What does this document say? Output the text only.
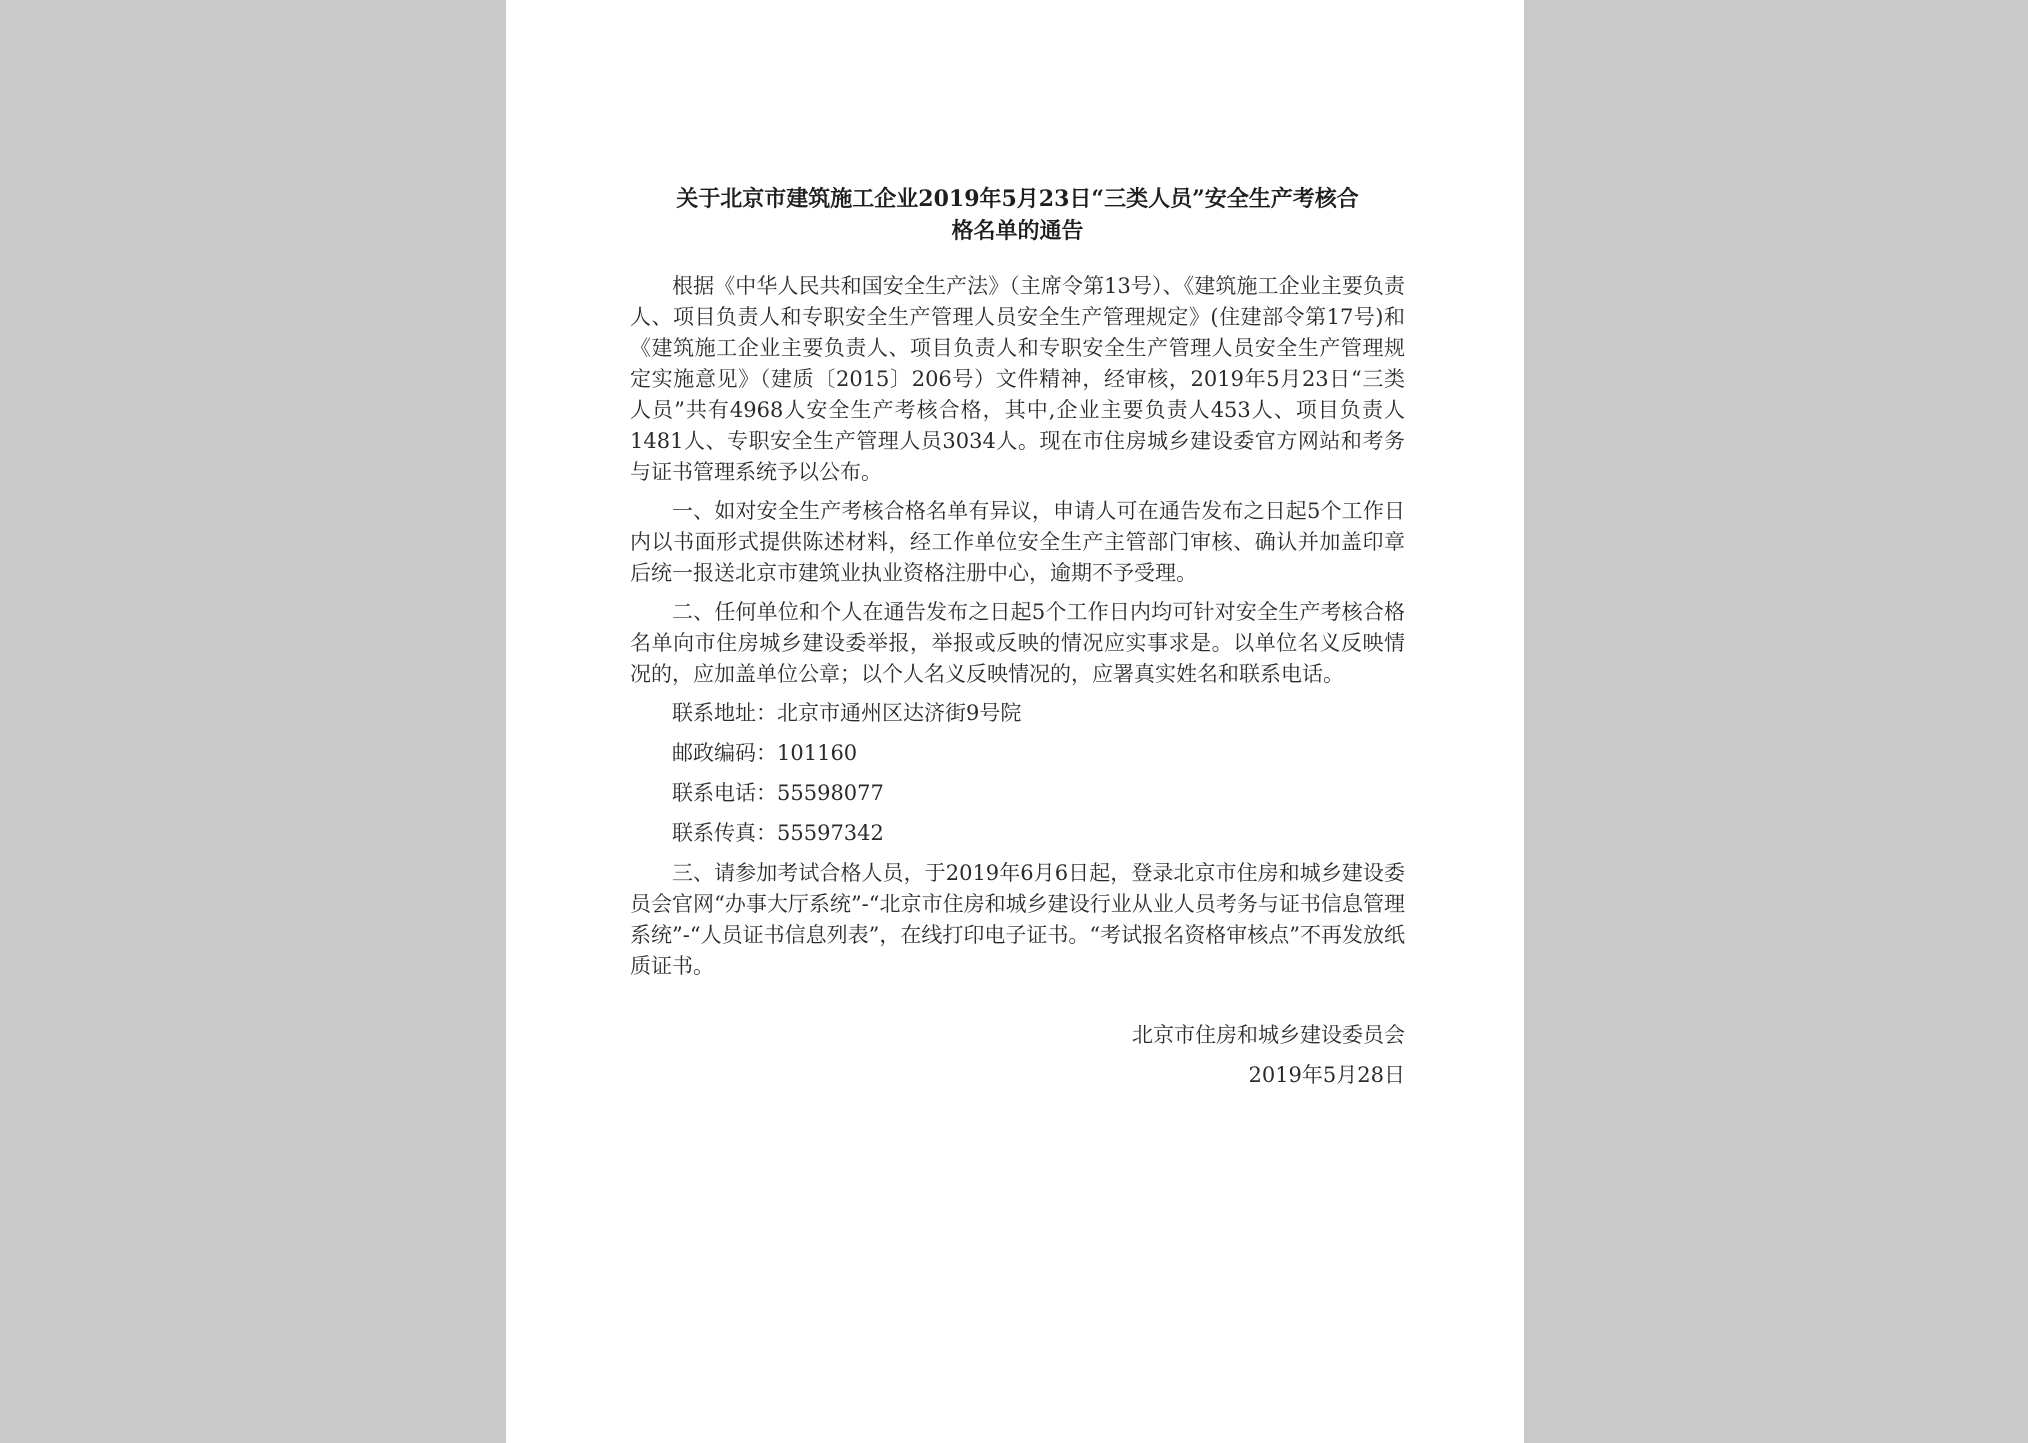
关于北京市建筑施工企业2019年5月23日“三类人员”安全生产考核合
格名单的通告

根据《中华人民共和国安全生产法》（主席令第13号）、《建筑施工企业主要负责人、项目负责人和专职安全生产管理人员安全生产管理规定》(住建部令第17号)和《建筑施工企业主要负责人、项目负责人和专职安全生产管理人员安全生产管理规定实施意见》（建质〔2015〕206号）文件精神，经审核，2019年5月23日“三类人员”共有4968人安全生产考核合格，其中,企业主要负责人453人、项目负责人1481人、专职安全生产管理人员3034人。现在市住房城乡建设委官方网站和考务与证书管理系统予以公布。

一、如对安全生产考核合格名单有异议，申请人可在通告发布之日起5个工作日内以书面形式提供陈述材料，经工作单位安全生产主管部门审核、确认并加盖印章后统一报送北京市建筑业执业资格注册中心，逾期不予受理。

二、任何单位和个人在通告发布之日起5个工作日内均可针对安全生产考核合格名单向市住房城乡建设委举报，举报或反映的情况应实事求是。以单位名义反映情况的，应加盖单位公章；以个人名义反映情况的，应署真实姓名和联系电话。

联系地址：北京市通州区达济街9号院

邮政编码：101160

联系电话：55598077

联系传真：55597342

三、请参加考试合格人员，于2019年6月6日起，登录北京市住房和城乡建设委员会官网“办事大厅系统”-“北京市住房和城乡建设行业从业人员考务与证书信息管理系统”-“人员证书信息列表”，在线打印电子证书。“考试报名资格审核点”不再发放纸质证书。

北京市住房和城乡建设委员会

2019年5月28日
